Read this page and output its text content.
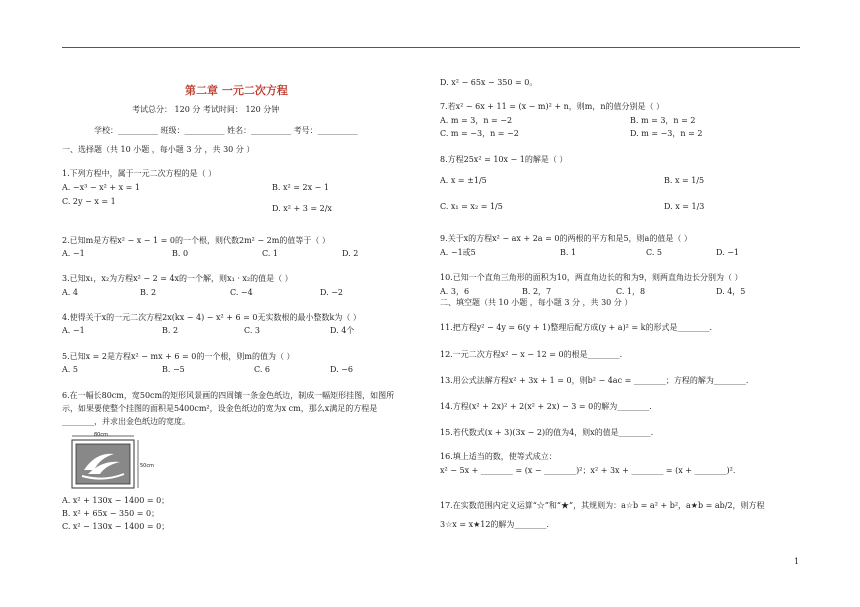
第二章 一元二次方程
考试总分： 120 分 考试时间： 120 分钟
学校：__________ 班级：__________ 姓名：__________ 考号：__________
一、选择题（共 10 小题 ，每小题 3 分 ，共 30 分 ）
1.下列方程中，属于一元二次方程的是（ ）
A. −x³ − x² + x = 1	B. x² = 2x − 1
C. 2y − x = 1
D. x² + 3 = 2/x
2.已知m是方程x² − x − 1 = 0的一个根，则代数2m² − 2m的值等于（ ）
A. −1	B. 0	C. 1	D. 2
3.已知x₁，x₂为方程x² − 2 = 4x的一个解，则x₁ · x₂的值是（ ）
A. 4	B. 2	C. −4	D. −2
4.使得关于x的一元二次方程2x(kx − 4) − x² + 6 = 0无实数根的最小整数k为（ ）
A. −1	B. 2	C. 3	D. 4个
5.已知x = 2是方程x² − mx + 6 = 0的一个根，则m的值为（ ）
A. 5	B. −5	C. 6	D. −6
6.在一幅长80cm，宽50cm的矩形风景画的四周镶一条金色纸边，制成一幅矩形挂图，如图所
示，如果要使整个挂图的面积是5400cm²，设金色纸边的宽为x cm，那么x满足的方程是
________，并求出金色纸边的宽度。
80cm
50cm
A. x² + 130x − 1400 = 0；
B. x² + 65x − 350 = 0；
C. x² − 130x − 1400 = 0；
D. x² − 65x − 350 = 0。
7.若x² − 6x + 11 = (x − m)² + n，则m，n的值分别是（ ）
A. m = 3，n = −2	B. m = 3，n = 2
C. m = −3，n = −2	D. m = −3，n = 2
8.方程25x² = 10x − 1的解是（ ）
A. x = ±1/5	B. x = 1/5
C. x₁ = x₂ = 1/5	D. x = 1/3
9.关于x的方程x² − ax + 2a = 0的两根的平方和是5，则a的值是（ ）
A. −1或5	B. 1	C. 5	D. −1
10.已知一个直角三角形的面积为10，两直角边长的和为9，则两直角边长分别为（ ）
A. 3，6	B. 2，7	C. 1，8	D. 4，5
二、填空题（共 10 小题 ，每小题 3 分 ，共 30 分 ）
11.把方程y² − 4y = 6(y + 1)整理后配方成(y + a)² = k的形式是________.
12.一元二次方程x² − x − 12 = 0的根是________.
13.用公式法解方程x² + 3x + 1 = 0，则b² − 4ac = ________；方程的解为________.
14.方程(x² + 2x)² + 2(x² + 2x) − 3 = 0的解为________.
15.若代数式(x + 3)(3x − 2)的值为4，则x的值是________.
16.填上适当的数，使等式成立：
x² − 5x + ________ = (x − ________)²；x² + 3x + ________ = (x + ________)².
17.在实数范围内定义运算“☆”和“★”，其规则为：a☆b = a² + b²，a★b = ab/2，则方程
3☆x = x★12的解为________.
1
